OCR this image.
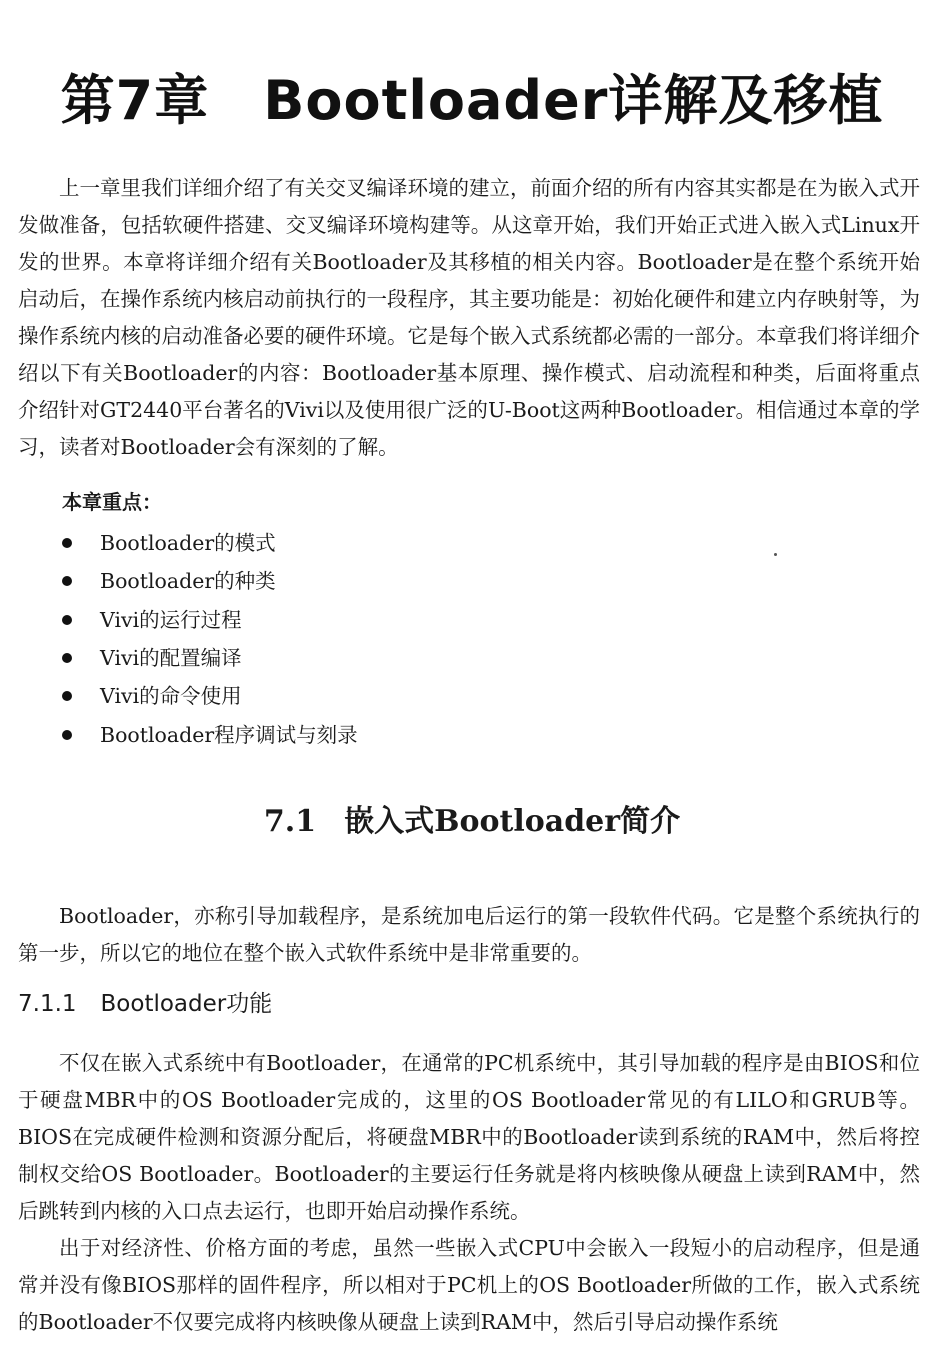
第7章 Bootloader详解及移植

上一章里我们详细介绍了有关交叉编译环境的建立，前面介绍的所有内容其实都是在为嵌入式开发做准备，包括软硬件搭建、交叉编译环境构建等。从这章开始，我们开始正式进入嵌入式Linux开发的世界。本章将详细介绍有关Bootloader及其移植的相关内容。Bootloader是在整个系统开始启动后，在操作系统内核启动前执行的一段程序，其主要功能是：初始化硬件和建立内存映射等，为操作系统内核的启动准备必要的硬件环境。它是每个嵌入式系统都必需的一部分。本章我们将详细介绍以下有关Bootloader的内容：Bootloader基本原理、操作模式、启动流程和种类，后面将重点介绍针对GT2440平台著名的Vivi以及使用很广泛的U-Boot这两种Bootloader。相信通过本章的学习，读者对Bootloader会有深刻的了解。

本章重点：
Bootloader的模式
Bootloader的种类
Vivi的运行过程
Vivi的配置编译
Vivi的命令使用
Bootloader程序调试与刻录
7.1 嵌入式Bootloader简介

Bootloader，亦称引导加载程序，是系统加电后运行的第一段软件代码。它是整个系统执行的第一步，所以它的地位在整个嵌入式软件系统中是非常重要的。

7.1.1 Bootloader功能

不仅在嵌入式系统中有Bootloader，在通常的PC机系统中，其引导加载的程序是由BIOS和位于硬盘MBR中的OS Bootloader完成的，这里的OS Bootloader常见的有LILO和GRUB等。BIOS在完成硬件检测和资源分配后，将硬盘MBR中的Bootloader读到系统的RAM中，然后将控制权交给OS Bootloader。Bootloader的主要运行任务就是将内核映像从硬盘上读到RAM中，然后跳转到内核的入口点去运行，也即开始启动操作系统。

出于对经济性、价格方面的考虑，虽然一些嵌入式CPU中会嵌入一段短小的启动程序，但是通常并没有像BIOS那样的固件程序，所以相对于PC机上的OS Bootloader所做的工作，嵌入式系统的Bootloader不仅要完成将内核映像从硬盘上读到RAM中，然后引导启动操作系统
